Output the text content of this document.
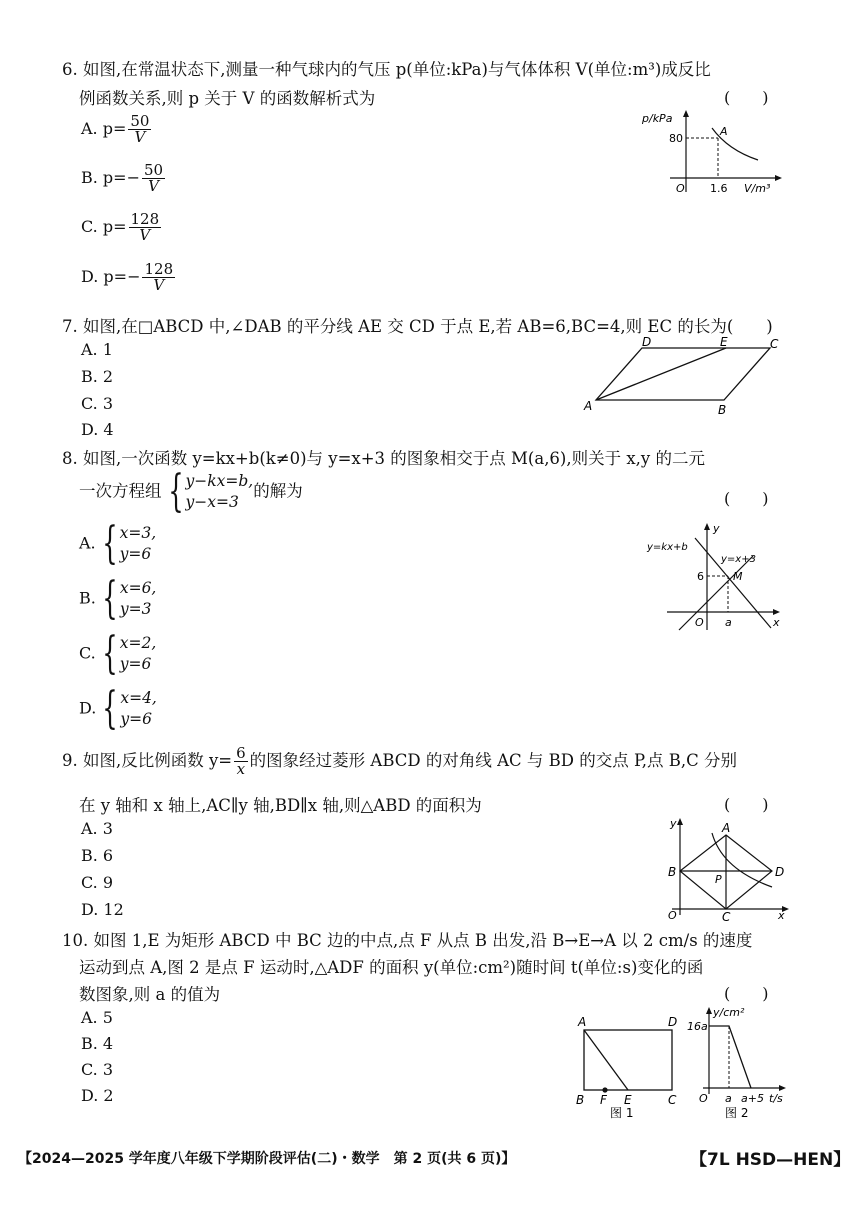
6. 如图,在常温状态下,测量一种气球内的气压 p(单位:kPa)与气体体积 V(单位:m³)成反比
例函数关系,则 p 关于 V 的函数解析式为	(　　)
A. $p= \frac{50}{V}$
B. $p=- \frac{50}{V}$
C. $p= \frac{128}{V}$
D. $p=- \frac{128}{V}$
p/kPa
80
A
O 1.6 V/m³
7. 如图,在□ABCD 中,∠DAB 的平分线 AE 交 CD 于点 E,若 AB=6,BC=4,则 EC 的长为(　　)
A. 1
B. 2
C. 3
D. 4
A	B
C
D	E
8. 如图,一次函数 y=kx+b(k≠0)与 y=x+3 的图象相交于点 M(a,6),则关于 x,y 的二元
一次方程组 { y−kx=b,
y−x=3
的解为	(　　)
A. { x=3,
y=6
B. { x=6,
y=3
C. { x=2,
y=6
D. { x=4,
y=6
y
x
y=kx+b
y=x+3
6	M
O a
9. 如图,反比例函数 $y= \frac{6}{x}$ 的图象经过菱形 ABCD 的对角线 AC 与 BD 的交点 P,点 B,C 分别
在 y 轴和 x 轴上,AC∥y 轴,BD∥x 轴,则△ABD 的面积为	(　　)
A. 3
B. 6
C. 9
D. 12
y
x
A
B
C
D
P
O
10. 如图 1,E 为矩形 ABCD 中 BC 边的中点,点 F 从点 B 出发,沿 B→E→A 以 2 cm/s 的速度
运动到点 A,图 2 是点 F 运动时,△ADF 的面积 y(单位:cm²)随时间 t(单位:s)变化的函
数图象,则 a 的值为	(　　)
A. 5
B. 4
C. 3
D. 2
A	D
B F E	C
图 1
y/cm²
16a
O a a+5 t/s
图 2
【2024—2025 学年度八年级下学期阶段评估(二)・数学　第 2 页(共 6 页)】	【7L HSD—HEN】
